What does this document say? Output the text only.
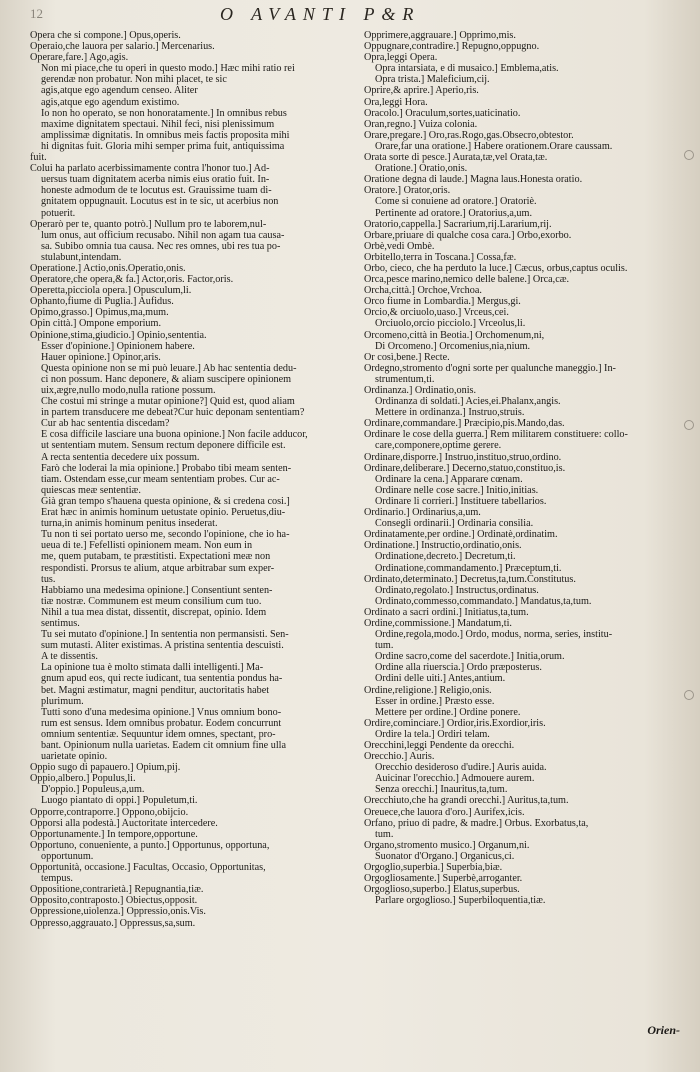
12	O AVANTI P&R
Opera che si compone.] Opus,operis.
Operaio,che lauora per salario.] Mercenarius.
Operare,fare.] Ago,agis.
Non mi piace,che tu operi in questo modo.] Hæc mihi ratio rei
gerendæ non probatur. Non mihi placet, te sic
agis,atque ego agendum censeo. Aliter
agis,atque ego agendum existimo.
Io non ho operato, se non honoratamente.] In omnibus rebus
maxime dignitatem spectaui. Nihil feci, nisi plenissimum
amplissimæ dignitatis. In omnibus meis factis proposita mihi
hi dignitas fuit. Gloria mihi semper prima fuit, antiquissima
fuit.
Colui ha parlato acerbissimamente contra l'honor tuo.] Ad-
uersus tuam dignitatem acerba nimis eius oratio fuit. In-
honeste admodum de te locutus est. Grauissime tuam di-
gnitatem oppugnauit. Locutus est in te sic, ut acerbius non
potuerit.
Operarò per te, quanto potrò.] Nullum pro te laborem,nul-
lum onus, aut officium recusabo. Nihil non agam tua causa-
sa. Subibo omnia tua causa. Nec res omnes, ubi res tua po-
stulabunt,intendam.
Operatione.] Actio,onis.Operatio,onis.
Operatore,che opera,& fa.] Actor,oris. Factor,oris.
Operetta,picciola opera.] Opusculum,li.
Ophanto,fiume di Puglia.] Aufidus.
Opimo,grasso.] Opimus,ma,mum.
Opin città.] Ompone emporium.
Opinione,stima,giudicio.] Opinio,sententia.
Esser d'opinione.] Opinionem habere.
Hauer opinione.] Opinor,aris.
Questa opinione non se mi può leuare.] Ab hac sententia dedu-
ci non possum. Hanc deponere, & aliam suscipere opinionem
uix,ægre,nullo modo,nulla ratione possum.
Che costui mi stringe a mutar opinione?] Quid est, quod aliam
in partem transducere me debeat?Cur huic deponam sententiam?
Cur ab hac sententia discedam?
E cosa difficile lasciare una buona opinione.] Non facile adducor,
ut sententiam mutem. Sensum rectum deponere difficile est.
A recta sententia decedere uix possum.
Farò che loderai la mia opinione.] Probabo tibi meam senten-
tiam. Ostendam esse,cur meam sententiam probes. Cur ac-
quiescas meæ sententiæ.
Già gran tempo s'hauena questa opinione, & si credena cosi.]
Erat hæc in animis hominum uetustate opinio. Peruetus,diu-
turna,in animis hominum penitus insederat.
Tu non ti sei portato uerso me, secondo l'opinione, che io ha-
ueua di te.] Fefellisti opinionem meam. Non eum in
me, quem putabam, te præstitisti. Expectationi meæ non
respondisti. Prorsus te alium, atque arbitrabar sum exper-
tus.
Habbiamo una medesima opinione.] Consentiunt senten-
tiæ nostræ. Communem est meum consilium cum tuo.
Nihil a tua mea distat, dissentit, discrepat, opinio. Idem
sentimus.
Tu sei mutato d'opinione.] In sententia non permansisti. Sen-
sum mutasti. Aliter existimas. A pristina sententia descuisti.
A te dissentis.
La opinione tua è molto stimata dalli intelligenti.] Ma-
gnum apud eos, qui recte iudicant, tua sententia pondus ha-
bet. Magni æstimatur, magni penditur, auctoritatis habet
plurimum.
Tutti sono d'una medesima opinione.] Vnus omnium bono-
rum est sensus. Idem omnibus probatur. Eodem concurrunt
omnium sententiæ. Sequuntur idem omnes, spectant, pro-
bant. Opinionum nulla uarietas. Eadem cit omnium fine ulla
uarietate opinio.
Oppio sugo di papauero.] Opium,pij.
Oppio,albero.] Populus,li.
D'oppio.] Populeus,a,um.
Luogo piantato di oppi.] Populetum,ti.
Opporre,contraporre.] Oppono,obijcio.
Opporsi alla podestà.] Auctoritate intercedere.
Opportunamente.] In tempore,opportune.
Opportuno, conueniente, a punto.] Opportunus, opportuna,
opportunum.
Opportunità, occasione.] Facultas, Occasio, Opportunitas,
tempus.
Oppositione,contrarietà.] Repugnantia,tiæ.
Opposito,contraposto.] Obiectus,opposit.
Oppressione,uiolenza.] Oppressio,onis.Vis.
Oppresso,aggrauato.] Oppressus,sa,sum.
Opprimere,aggrauare.] Opprimo,mis.
Oppugnare,contradire.] Repugno,oppugno.
Opra,leggi Opera.
Opra intarsiata, e di musaico.] Emblema,atis.
Opra trista.] Maleficium,cij.
Oprire,& aprire.] Aperio,ris.
Ora,leggi Hora.
Oracolo.] Oraculum,sortes,uaticinatio.
Oran,regno.] Vuiza colonia.
Orare,pregare.] Oro,ras.Rogo,gas.Obsecro,obtestor.
Orare,far una oratione.] Habere orationem.Orare caussam.
Orata sorte di pesce.] Aurata,tæ,vel Orata,tæ.
Oratione.] Oratio,onis.
Oratione degna di laude.] Magna laus.Honesta oratio.
Oratore.] Orator,oris.
Come si conuiene ad oratore.] Oratoriè.
Pertinente ad oratore.] Oratorius,a,um.
Oratorio,cappella.] Sacrarium,rij.Lararium,rij.
Orbare,priuare di qualche cosa cara.] Orbo,exorbo.
Orbè,vedi Ombè.
Orbitello,terra in Toscana.] Cossa,fæ.
Orbo, cieco, che ha perduto la luce.] Cæcus, orbus,captus oculis.
Orca,pesce marino,nemico delle balene.] Orca,cæ.
Orcha,città.] Orchoe,Vrchoa.
Orco fiume in Lombardia.] Mergus,gi.
Orcio,& orciuolo,uaso.] Vrceus,cei.
Orciuolo,orcio picciolo.] Vrceolus,li.
Orcomeno,città in Beotia.] Orchomenum,ni,
Di Orcomeno.] Orcomenius,nia,nium.
Or così,bene.] Recte.
Ordegno,stromento d'ogni sorte per qualunche maneggio.] In-
strumentum,ti.
Ordinanza.] Ordinatio,onis.
Ordinanza di soldati.] Acies,ei.Phalanx,angis.
Mettere in ordinanza.] Instruo,struis.
Ordinare,commandare.] Præcipio,pis.Mando,das.
Ordinare le cose della guerra.] Rem militarem constituere: collo-
care,componere,optime gerere.
Ordinare,disporre.] Instruo,instituo,struo,ordino.
Ordinare,deliberare.] Decerno,statuo,constituo,is.
Ordinare la cena.] Apparare cœnam.
Ordinare nelle cose sacre.] Initio,initias.
Ordinare li corrieri.] Instituere tabellarios.
Ordinario.] Ordinarius,a,um.
Consegli ordinarii.] Ordinaria consilia.
Ordinatamente,per ordine.] Ordinatè,ordinatim.
Ordinatione.] Instructio,ordinatio,onis.
Ordinatione,decreto.] Decretum,ti.
Ordinatione,commandamento.] Præceptum,ti.
Ordinato,determinato.] Decretus,ta,tum.Constitutus.
Ordinato,regolato.] Instructus,ordinatus.
Ordinato,commesso,commandato.] Mandatus,ta,tum.
Ordinato a sacri ordini.] Initiatus,ta,tum.
Ordine,commissione.] Mandatum,ti.
Ordine,regola,modo.] Ordo, modus, norma, series, institu-
tum.
Ordine sacro,come del sacerdote.] Initia,orum.
Ordine alla riuerscia.] Ordo præposterus.
Ordini delle uiti.] Antes,antium.
Ordine,religione.] Religio,onis.
Esser in ordine.] Præsto esse.
Mettere per ordine.] Ordine ponere.
Ordire,cominciare.] Ordior,iris.Exordior,iris.
Ordire la tela.] Ordiri telam.
Orecchini,leggi Pendente da orecchi.
Orecchio.] Auris.
Orecchio desideroso d'udire.] Auris auida.
Auicinar l'orecchio.] Admouere aurem.
Senza orecchi.] Inauritus,ta,tum.
Orecchiuto,che ha grandi orecchi.] Auritus,ta,tum.
Oreuece,che lauora d'oro.] Aurifex,icis.
Orfano, priuo di padre, & madre.] Orbus. Exorbatus,ta,
tum.
Organo,stromento musico.] Organum,ni.
Suonator d'Organo.] Organicus,ci.
Orgoglio,superbia.] Superbia,biæ.
Orgogliosamente.] Superbè,arroganter.
Orgoglioso,superbo.] Elatus,superbus.
Parlare orgoglioso.] Superbiloquentia,tiæ.
Orien-
